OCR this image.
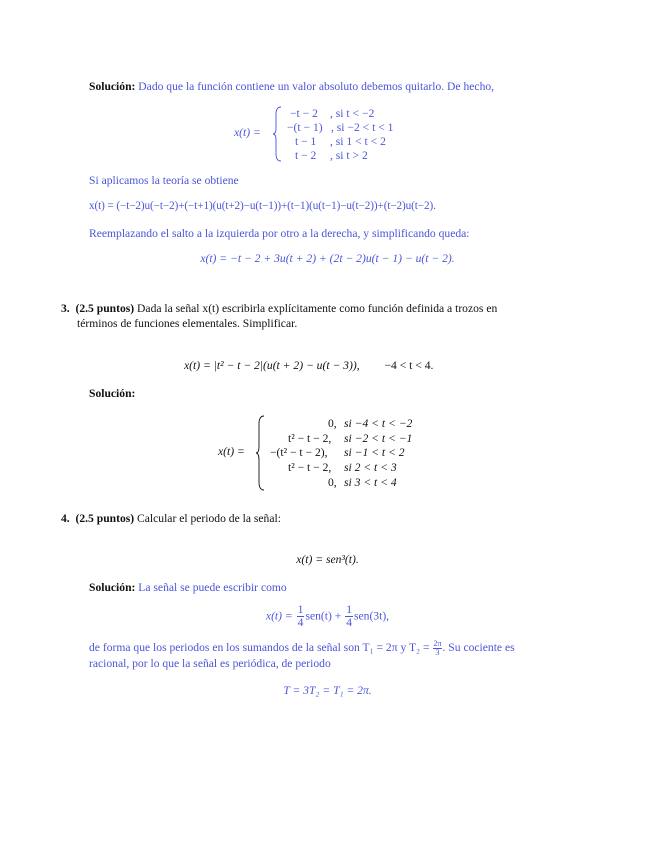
Solución: Dado que la función contiene un valor absoluto debemos quitarlo. De hecho,
x(t) =
−t − 2 , si t < −2
−(t − 1) , si −2 < t < 1
t − 1 , si 1 < t < 2
t − 2 , si t > 2
Si aplicamos la teoría se obtiene
x(t) = (−t−2)u(−t−2)+(−t+1)(u(t+2)−u(t−1))+(t−1)(u(t−1)−u(t−2))+(t−2)u(t−2).
Reemplazando el salto a la izquierda por otro a la derecha, y simplificando queda:
x(t) = −t − 2 + 3u(t + 2) + (2t − 2)u(t − 1) − u(t − 2).
3. (2.5 puntos) Dada la señal x(t) escribirla explícitamente como función definida a trozos en
términos de funciones elementales. Simplificar.
x(t) = |t² − t − 2|(u(t + 2) − u(t − 3)), −4 < t < 4.
Solución:
x(t) =
0, si −4 < t < −2
t² − t − 2, si −2 < t < −1
−(t² − t − 2), si −1 < t < 2
t² − t − 2, si 2 < t < 3
0, si 3 < t < 4
4. (2.5 puntos) Calcular el periodo de la señal:
x(t) = sen³(t).
Solución: La señal se puede escribir como
$x(t) = \frac{1}{4} sen(t) + \frac{1}{4} sen(3t)$,
de forma que los periodos en los sumandos de la señal son T₁ = 2π y $T_2 = \frac{2\pi}{3}$. Su cociente es
racional, por lo que la señal es periódica, de periodo
T = 3T₂ = T₁ = 2π.
